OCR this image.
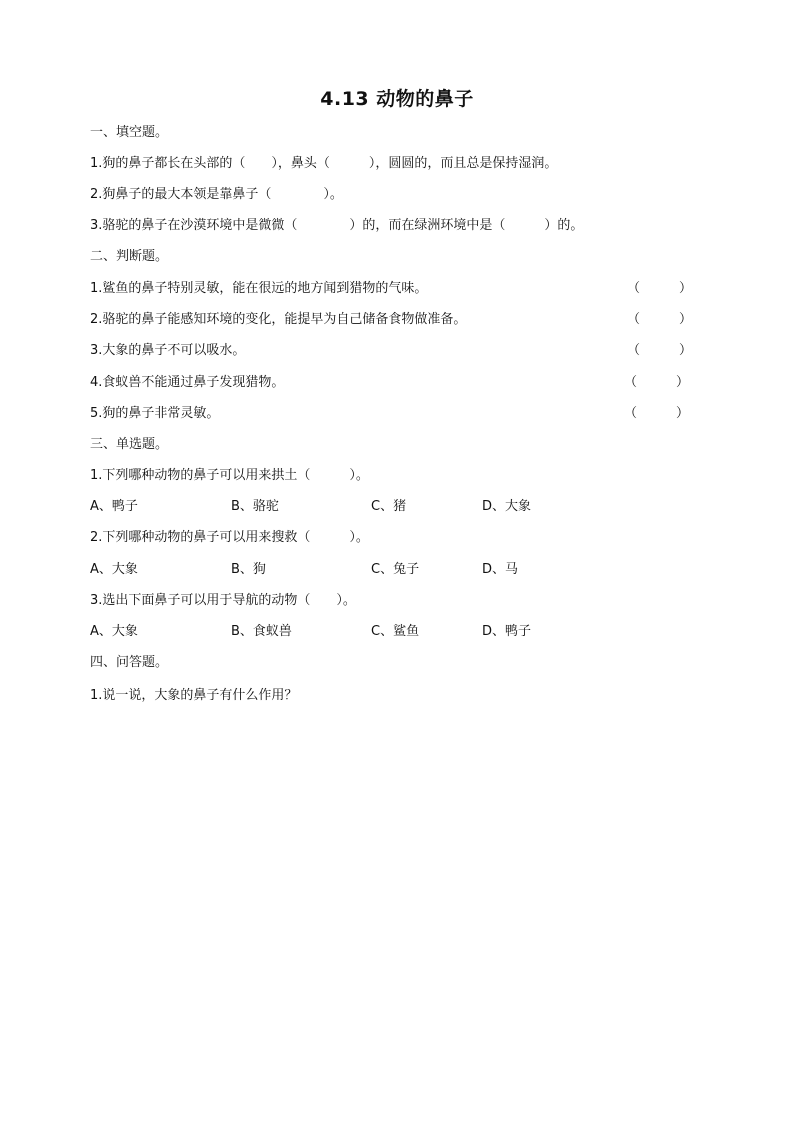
4.13 动物的鼻子
一、填空题。
1.狗的鼻子都长在头部的（　　），鼻头（　　　），圆圆的，而且总是保持湿润。
2.狗鼻子的最大本领是靠鼻子（　　　　）。
3.骆驼的鼻子在沙漠环境中是微微（　　　　）的，而在绿洲环境中是（　　　）的。
二、判断题。
1.鲨鱼的鼻子特别灵敏，能在很远的地方闻到猎物的气味。	（　　　）
2.骆驼的鼻子能感知环境的变化，能提早为自己储备食物做准备。	（　　　）
3.大象的鼻子不可以吸水。	（　　　）
4.食蚁兽不能通过鼻子发现猎物。	（　　　）
5.狗的鼻子非常灵敏。	（　　　）
三、单选题。
1.下列哪种动物的鼻子可以用来拱土（　　　）。
A、鸭子	B、骆驼	C、猪	D、大象
2.下列哪种动物的鼻子可以用来搜救（　　　）。
A、大象	B、狗	C、兔子	D、马
3.选出下面鼻子可以用于导航的动物（　　）。
A、大象	B、食蚁兽	C、鲨鱼	D、鸭子
四、问答题。
1.说一说，大象的鼻子有什么作用？
